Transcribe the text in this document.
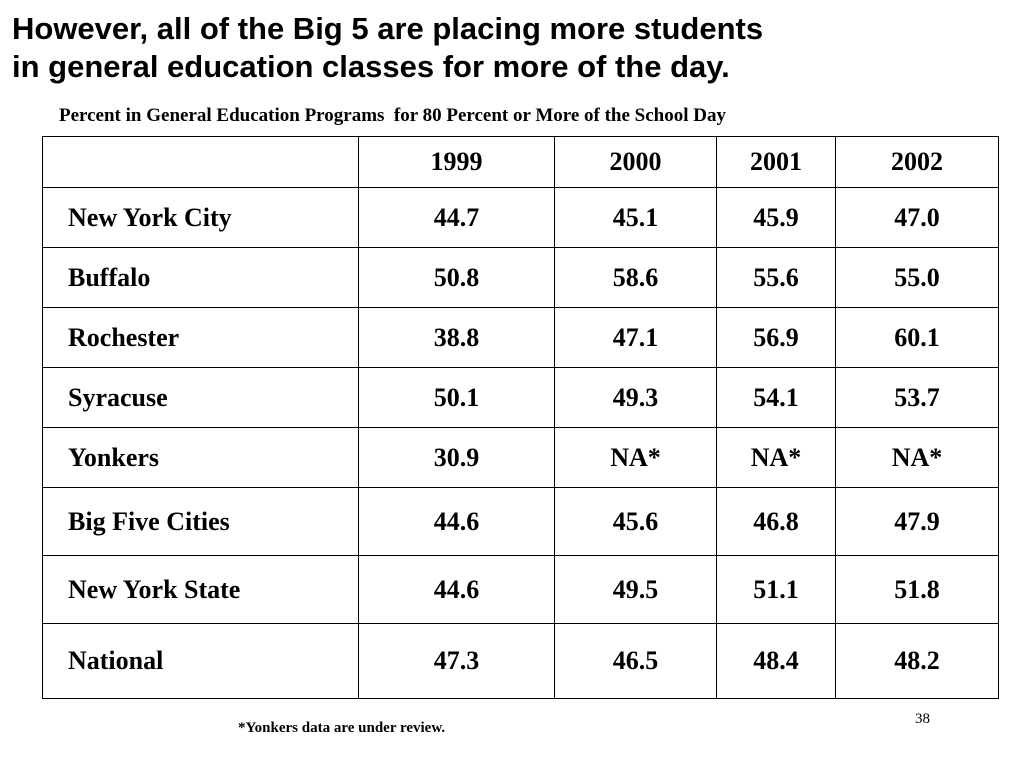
However, all of the Big 5 are placing more students
in general education classes for more of the day.
Percent in General Education Programs  for 80 Percent or More of the School Day
	1999	2000	2001	2002
New York City	44.7	45.1	45.9	47.0
Buffalo	50.8	58.6	55.6	55.0
Rochester	38.8	47.1	56.9	60.1
Syracuse	50.1	49.3	54.1	53.7
Yonkers	30.9	NA*	NA*	NA*
Big Five Cities	44.6	45.6	46.8	47.9
New York State	44.6	49.5	51.1	51.8
National	47.3	46.5	48.4	48.2
38
*Yonkers data are under review.
